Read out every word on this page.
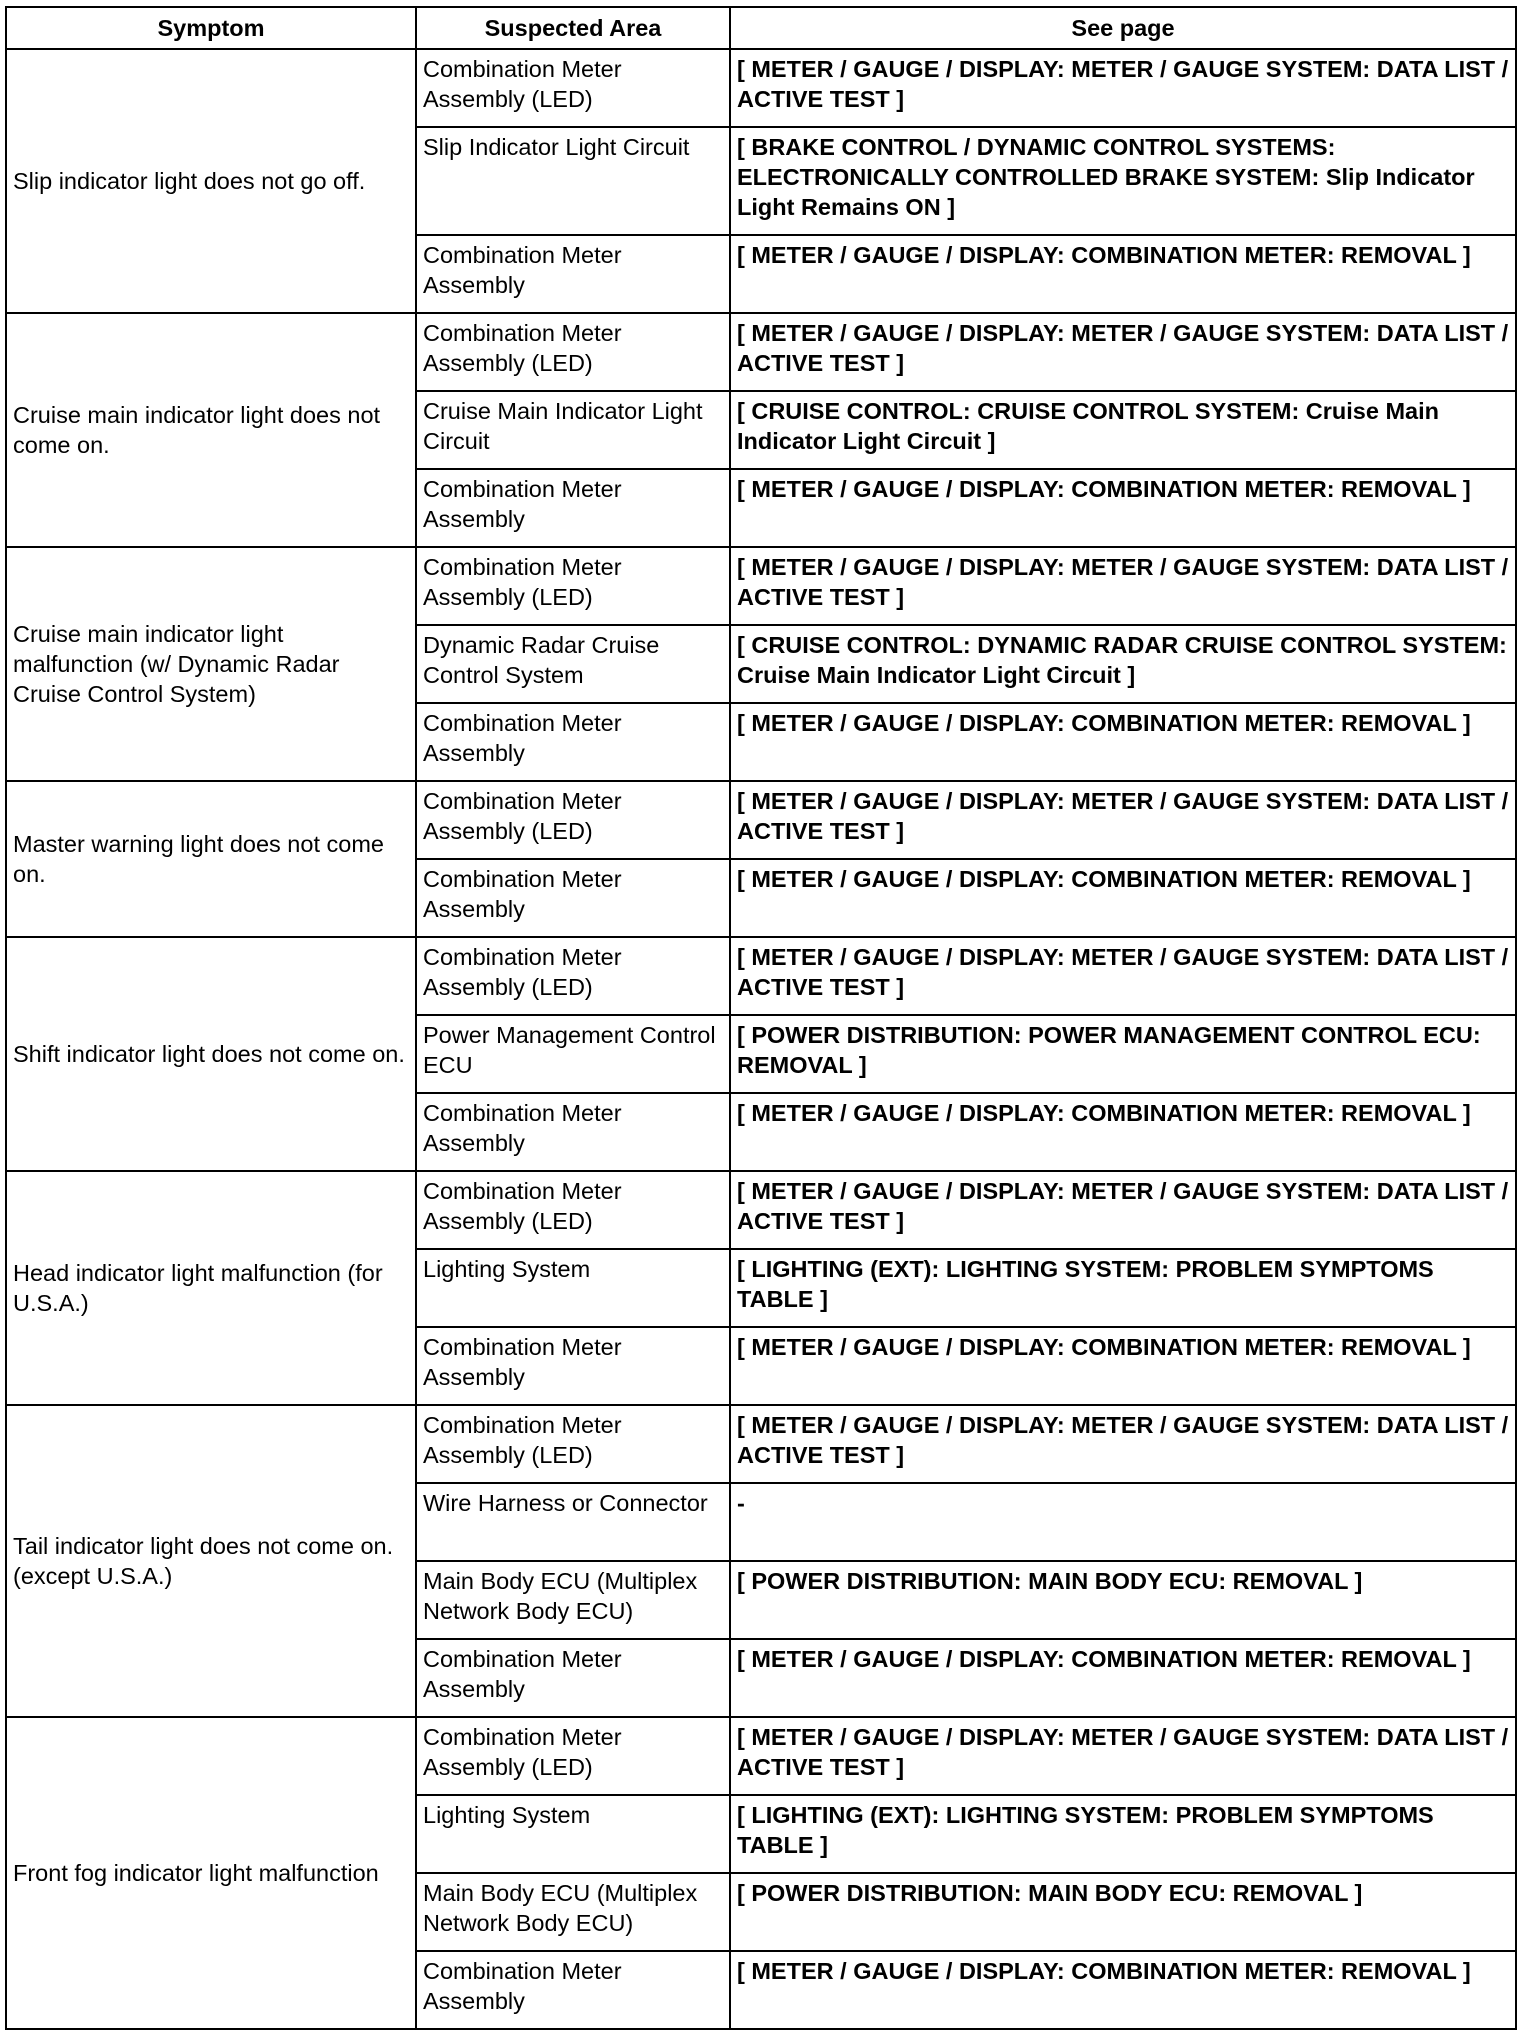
Symptom	Suspected Area	See page
Slip indicator light does not go off.	Combination Meter Assembly (LED)	[ METER / GAUGE / DISPLAY: METER / GAUGE SYSTEM: DATA LIST / ACTIVE TEST ]
	Slip Indicator Light Circuit	[ BRAKE CONTROL / DYNAMIC CONTROL SYSTEMS: ELECTRONICALLY CONTROLLED BRAKE SYSTEM: Slip Indicator Light Remains ON ]
	Combination Meter Assembly	[ METER / GAUGE / DISPLAY: COMBINATION METER: REMOVAL ]
Cruise main indicator light does not come on.	Combination Meter Assembly (LED)	[ METER / GAUGE / DISPLAY: METER / GAUGE SYSTEM: DATA LIST / ACTIVE TEST ]
	Cruise Main Indicator Light Circuit	[ CRUISE CONTROL: CRUISE CONTROL SYSTEM: Cruise Main Indicator Light Circuit ]
	Combination Meter Assembly	[ METER / GAUGE / DISPLAY: COMBINATION METER: REMOVAL ]
Cruise main indicator light malfunction (w/ Dynamic Radar Cruise Control System)	Combination Meter Assembly (LED)	[ METER / GAUGE / DISPLAY: METER / GAUGE SYSTEM: DATA LIST / ACTIVE TEST ]
	Dynamic Radar Cruise Control System	[ CRUISE CONTROL: DYNAMIC RADAR CRUISE CONTROL SYSTEM: Cruise Main Indicator Light Circuit ]
	Combination Meter Assembly	[ METER / GAUGE / DISPLAY: COMBINATION METER: REMOVAL ]
Master warning light does not come on.	Combination Meter Assembly (LED)	[ METER / GAUGE / DISPLAY: METER / GAUGE SYSTEM: DATA LIST / ACTIVE TEST ]
	Combination Meter Assembly	[ METER / GAUGE / DISPLAY: COMBINATION METER: REMOVAL ]
Shift indicator light does not come on.	Combination Meter Assembly (LED)	[ METER / GAUGE / DISPLAY: METER / GAUGE SYSTEM: DATA LIST / ACTIVE TEST ]
	Power Management Control ECU	[ POWER DISTRIBUTION: POWER MANAGEMENT CONTROL ECU: REMOVAL ]
	Combination Meter Assembly	[ METER / GAUGE / DISPLAY: COMBINATION METER: REMOVAL ]
Head indicator light malfunction (for U.S.A.)	Combination Meter Assembly (LED)	[ METER / GAUGE / DISPLAY: METER / GAUGE SYSTEM: DATA LIST / ACTIVE TEST ]
	Lighting System	[ LIGHTING (EXT): LIGHTING SYSTEM: PROBLEM SYMPTOMS TABLE ]
	Combination Meter Assembly	[ METER / GAUGE / DISPLAY: COMBINATION METER: REMOVAL ]
Tail indicator light does not come on. (except U.S.A.)	Combination Meter Assembly (LED)	[ METER / GAUGE / DISPLAY: METER / GAUGE SYSTEM: DATA LIST / ACTIVE TEST ]
	Wire Harness or Connector	-
	Main Body ECU (Multiplex Network Body ECU)	[ POWER DISTRIBUTION: MAIN BODY ECU: REMOVAL ]
	Combination Meter Assembly	[ METER / GAUGE / DISPLAY: COMBINATION METER: REMOVAL ]
Front fog indicator light malfunction	Combination Meter Assembly (LED)	[ METER / GAUGE / DISPLAY: METER / GAUGE SYSTEM: DATA LIST / ACTIVE TEST ]
	Lighting System	[ LIGHTING (EXT): LIGHTING SYSTEM: PROBLEM SYMPTOMS TABLE ]
	Main Body ECU (Multiplex Network Body ECU)	[ POWER DISTRIBUTION: MAIN BODY ECU: REMOVAL ]
	Combination Meter Assembly	[ METER / GAUGE / DISPLAY: COMBINATION METER: REMOVAL ]
